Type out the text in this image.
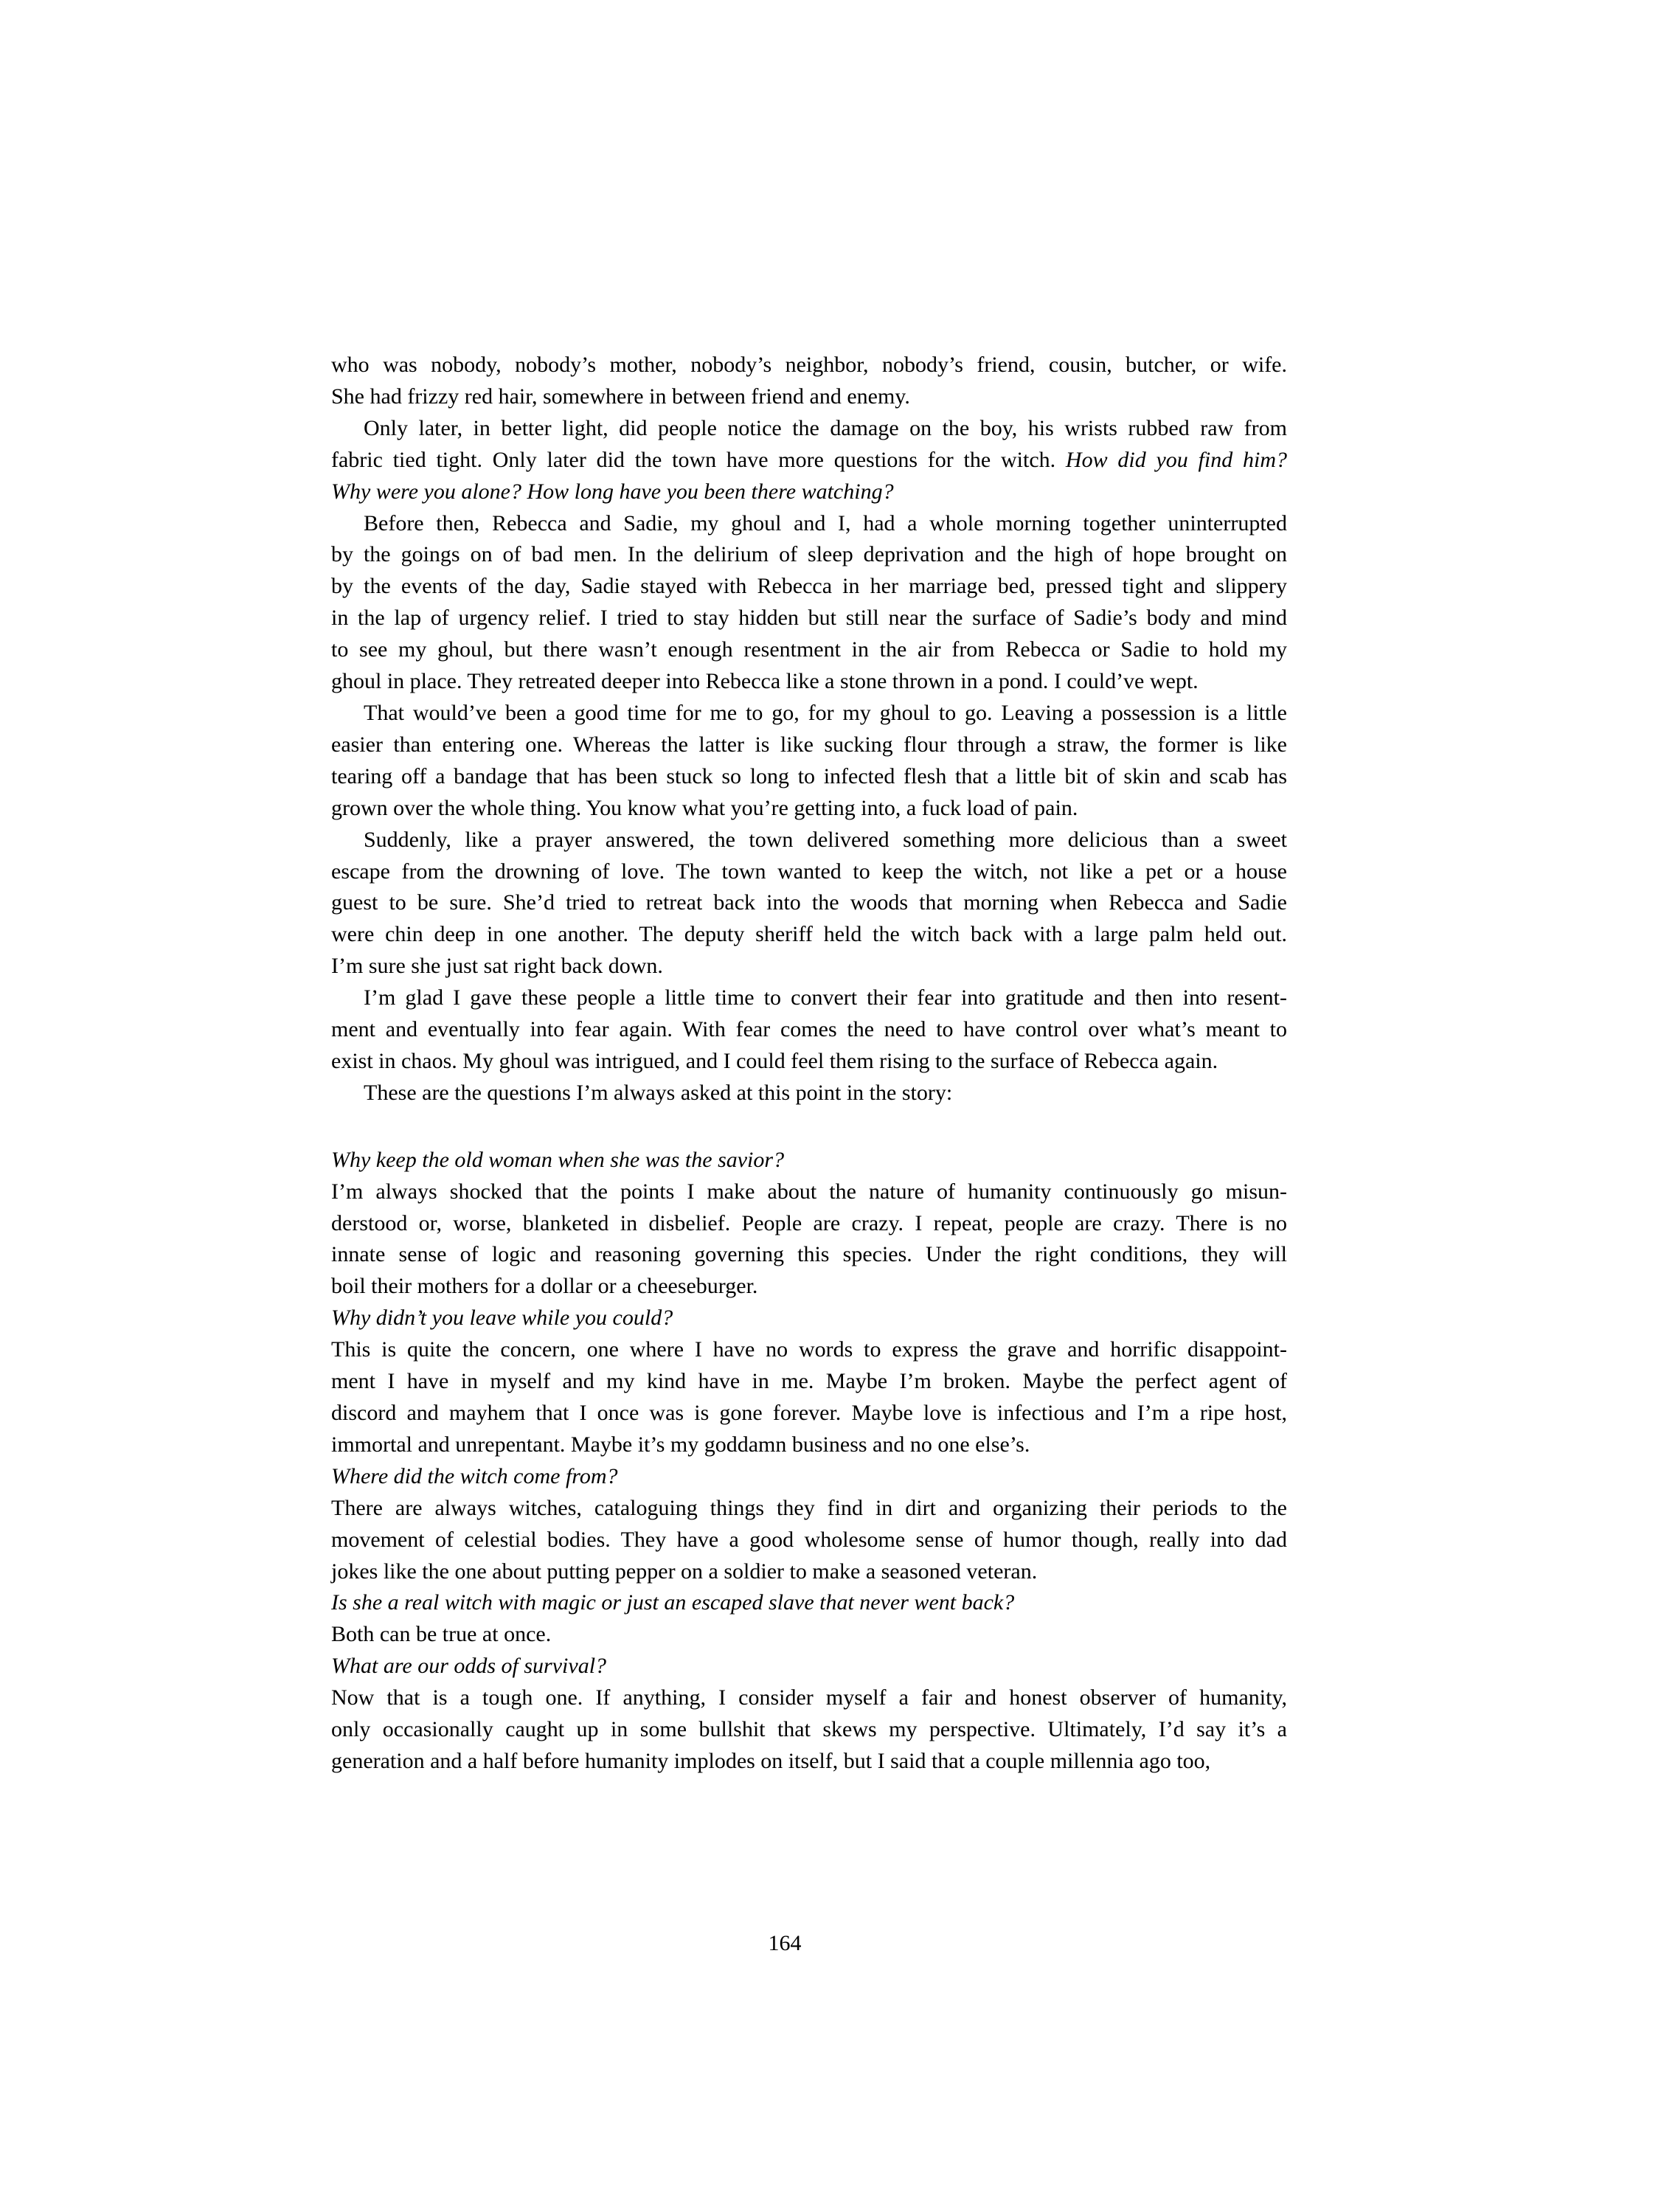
who was nobody, nobody’s mother, nobody’s neighbor, nobody’s friend, cousin, butcher, or wife.
She had frizzy red hair, somewhere in between friend and enemy.
Only later, in better light, did people notice the damage on the boy, his wrists rubbed raw from
fabric tied tight. Only later did the town have more questions for the witch. How did you find him?
Why were you alone? How long have you been there watching?
Before then, Rebecca and Sadie, my ghoul and I, had a whole morning together uninterrupted
by the goings on of bad men. In the delirium of sleep deprivation and the high of hope brought on
by the events of the day, Sadie stayed with Rebecca in her marriage bed, pressed tight and slippery
in the lap of urgency relief. I tried to stay hidden but still near the surface of Sadie’s body and mind
to see my ghoul, but there wasn’t enough resentment in the air from Rebecca or Sadie to hold my
ghoul in place. They retreated deeper into Rebecca like a stone thrown in a pond. I could’ve wept.
That would’ve been a good time for me to go, for my ghoul to go. Leaving a possession is a little
easier than entering one. Whereas the latter is like sucking flour through a straw, the former is like
tearing off a bandage that has been stuck so long to infected flesh that a little bit of skin and scab has
grown over the whole thing. You know what you’re getting into, a fuck load of pain.
Suddenly, like a prayer answered, the town delivered something more delicious than a sweet
escape from the drowning of love. The town wanted to keep the witch, not like a pet or a house
guest to be sure. She’d tried to retreat back into the woods that morning when Rebecca and Sadie
were chin deep in one another. The deputy sheriff held the witch back with a large palm held out.
I’m sure she just sat right back down.
I’m glad I gave these people a little time to convert their fear into gratitude and then into resent-
ment and eventually into fear again. With fear comes the need to have control over what’s meant to
exist in chaos. My ghoul was intrigued, and I could feel them rising to the surface of Rebecca again.
These are the questions I’m always asked at this point in the story:
Why keep the old woman when she was the savior?
I’m always shocked that the points I make about the nature of humanity continuously go misun-
derstood or, worse, blanketed in disbelief. People are crazy. I repeat, people are crazy. There is no
innate sense of logic and reasoning governing this species. Under the right conditions, they will
boil their mothers for a dollar or a cheeseburger.
Why didn’t you leave while you could?
This is quite the concern, one where I have no words to express the grave and horrific disappoint-
ment I have in myself and my kind have in me. Maybe I’m broken. Maybe the perfect agent of
discord and mayhem that I once was is gone forever. Maybe love is infectious and I’m a ripe host,
immortal and unrepentant. Maybe it’s my goddamn business and no one else’s.
Where did the witch come from?
There are always witches, cataloguing things they find in dirt and organizing their periods to the
movement of celestial bodies. They have a good wholesome sense of humor though, really into dad
jokes like the one about putting pepper on a soldier to make a seasoned veteran.
Is she a real witch with magic or just an escaped slave that never went back?
Both can be true at once.
What are our odds of survival?
Now that is a tough one. If anything, I consider myself a fair and honest observer of humanity,
only occasionally caught up in some bullshit that skews my perspective. Ultimately, I’d say it’s a
generation and a half before humanity implodes on itself, but I said that a couple millennia ago too,
164
